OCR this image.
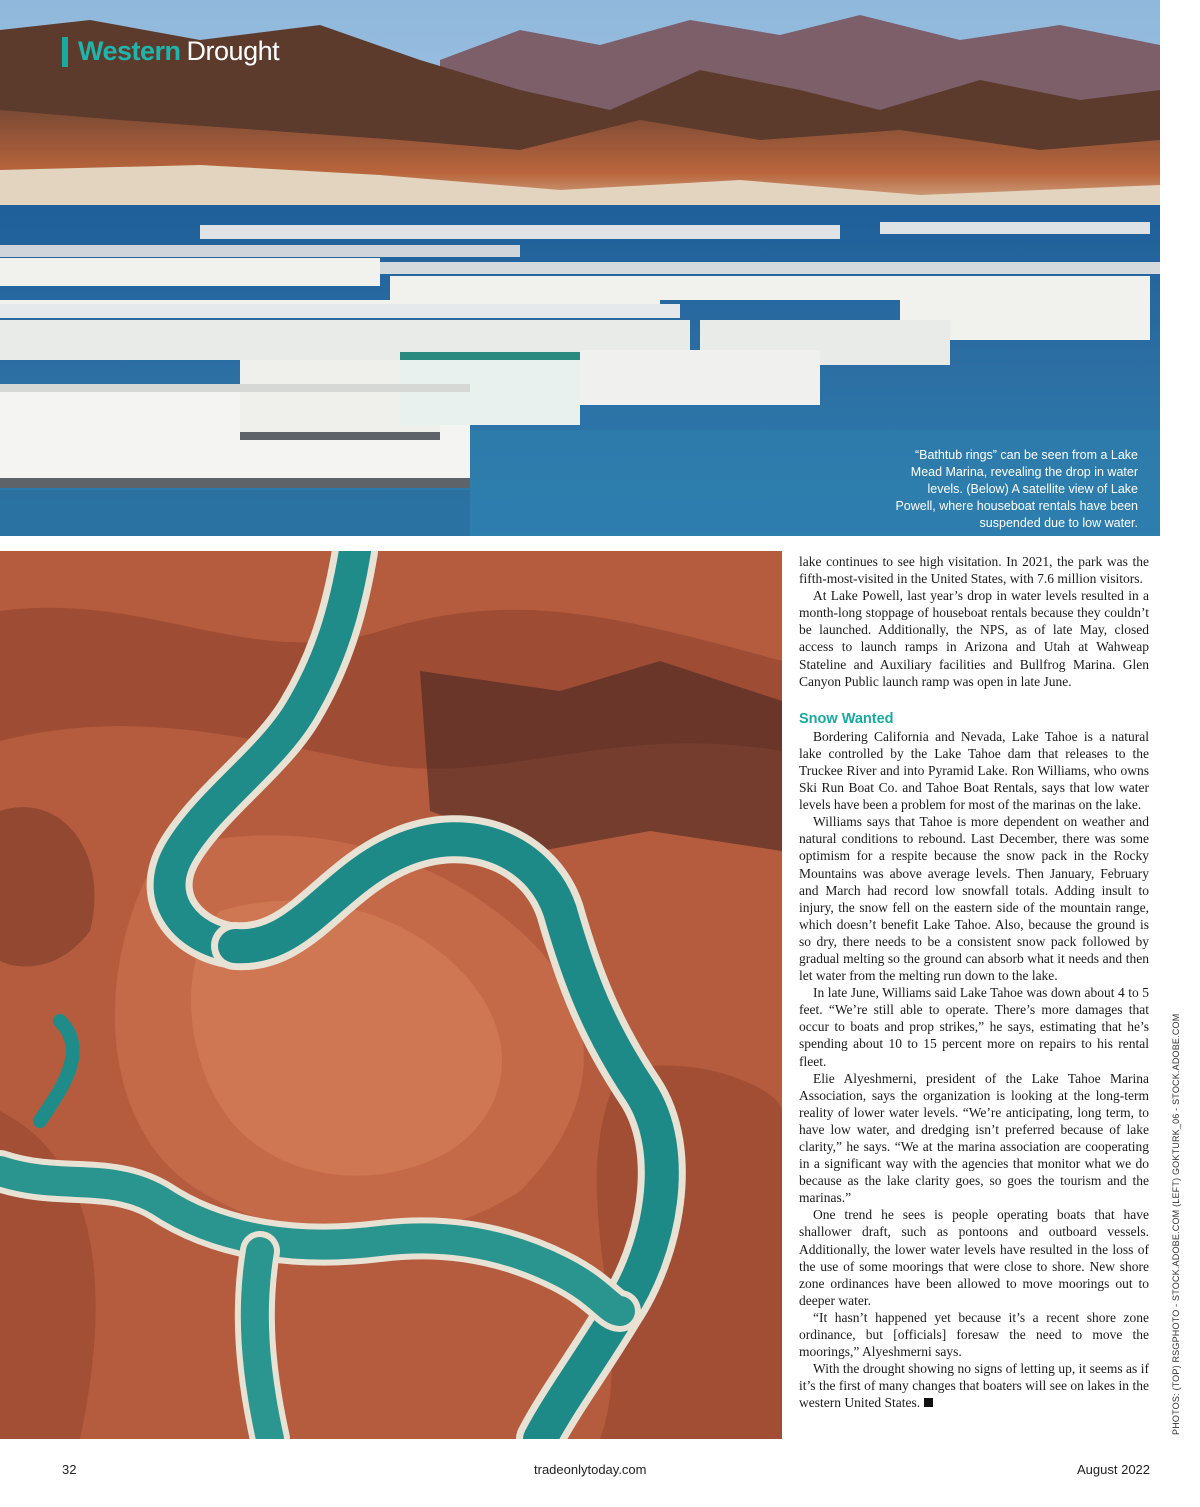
Western Drought
“Bathtub rings” can be seen from a Lake Mead Marina, revealing the drop in water levels. (Below) A satellite view of Lake Powell, where houseboat rentals have been suspended due to low water.

lake continues to see high visitation. In 2021, the park was the fifth-most-visited in the United States, with 7.6 million visitors.

At Lake Powell, last year’s drop in water levels resulted in a month-long stoppage of houseboat rentals because they couldn’t be launched. Additionally, the NPS, as of late May, closed access to launch ramps in Arizona and Utah at Wahweap Stateline and Auxiliary facilities and Bullfrog Marina. Glen Canyon Public launch ramp was open in late June.

Snow Wanted

Bordering California and Nevada, Lake Tahoe is a natural lake controlled by the Lake Tahoe dam that releases to the Truckee River and into Pyramid Lake. Ron Williams, who owns Ski Run Boat Co. and Tahoe Boat Rentals, says that low water levels have been a problem for most of the marinas on the lake.

Williams says that Tahoe is more dependent on weather and natural conditions to rebound. Last December, there was some optimism for a respite because the snow pack in the Rocky Mountains was above average levels. Then January, February and March had record low snowfall totals. Adding insult to injury, the snow fell on the eastern side of the mountain range, which doesn’t benefit Lake Tahoe. Also, because the ground is so dry, there needs to be a consistent snow pack followed by gradual melting so the ground can absorb what it needs and then let water from the melting run down to the lake.

In late June, Williams said Lake Tahoe was down about 4 to 5 feet. “We’re still able to operate. There’s more damages that occur to boats and prop strikes,” he says, estimating that he’s spending about 10 to 15 percent more on repairs to his rental fleet.

Elie Alyeshmerni, president of the Lake Tahoe Marina Association, says the organization is looking at the long-term reality of lower water levels. “We’re anticipating, long term, to have low water, and dredging isn’t preferred because of lake clarity,” he says. “We at the marina association are cooperating in a significant way with the agencies that monitor what we do because as the lake clarity goes, so goes the tourism and the marinas.”

One trend he sees is people operating boats that have shallower draft, such as pontoons and outboard vessels. Additionally, the lower water levels have resulted in the loss of the use of some moorings that were close to shore. New shore zone ordinances have been allowed to move moorings out to deeper water.

“It hasn’t happened yet because it’s a recent shore zone ordinance, but [officials] foresaw the need to move the moorings,” Alyeshmerni says.

With the drought showing no signs of letting up, it seems as if it’s the first of many changes that boaters will see on lakes in the western United States.	PHOTOS: (TOP) RSGPHOTO - STOCK.ADOBE.COM (LEFT) GOKTURK_06 - STOCK.ADOBE.COM
32	tradeonlytoday.com	August 2022
